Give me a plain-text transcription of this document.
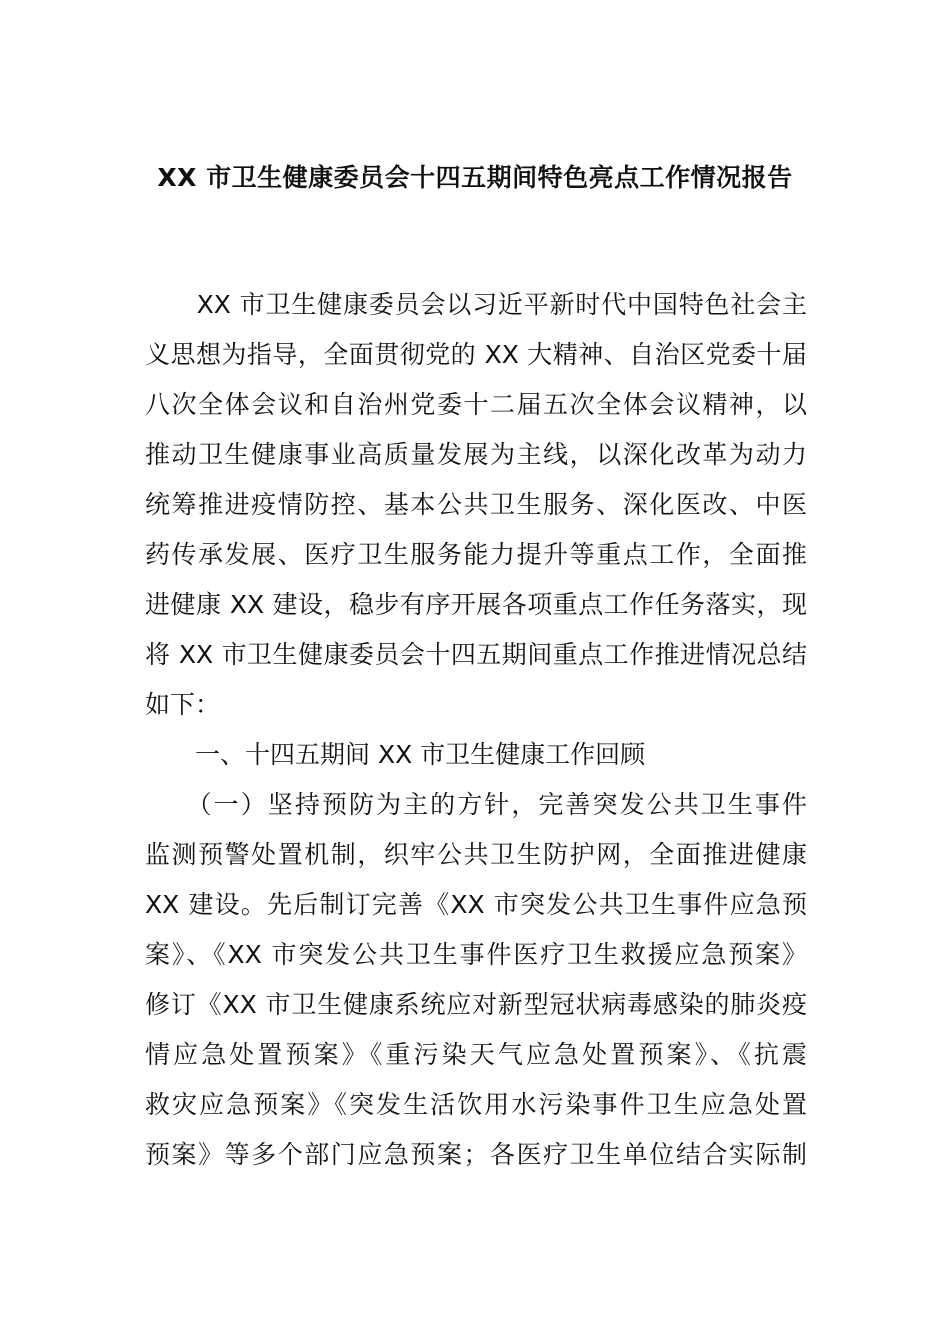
XX 市卫生健康委员会十四五期间特色亮点工作情况报告
　　XX 市卫生健康委员会以习近平新时代中国特色社会主
义思想为指导，全面贯彻党的 XX 大精神、自治区党委十届
八次全体会议和自治州党委十二届五次全体会议精神，以
推动卫生健康事业高质量发展为主线，以深化改革为动力
统筹推进疫情防控、基本公共卫生服务、深化医改、中医
药传承发展、医疗卫生服务能力提升等重点工作，全面推
进健康 XX 建设，稳步有序开展各项重点工作任务落实，现
将 XX 市卫生健康委员会十四五期间重点工作推进情况总结
如下：
　　一、十四五期间 XX 市卫生健康工作回顾
　　（一）坚持预防为主的方针，完善突发公共卫生事件
监测预警处置机制，织牢公共卫生防护网，全面推进健康
XX 建设。先后制订完善《XX 市突发公共卫生事件应急预
案》、《XX 市突发公共卫生事件医疗卫生救援应急预案》
修订《XX 市卫生健康系统应对新型冠状病毒感染的肺炎疫
情应急处置预案》《重污染天气应急处置预案》、《抗震
救灾应急预案》《突发生活饮用水污染事件卫生应急处置
预案》等多个部门应急预案；各医疗卫生单位结合实际制
